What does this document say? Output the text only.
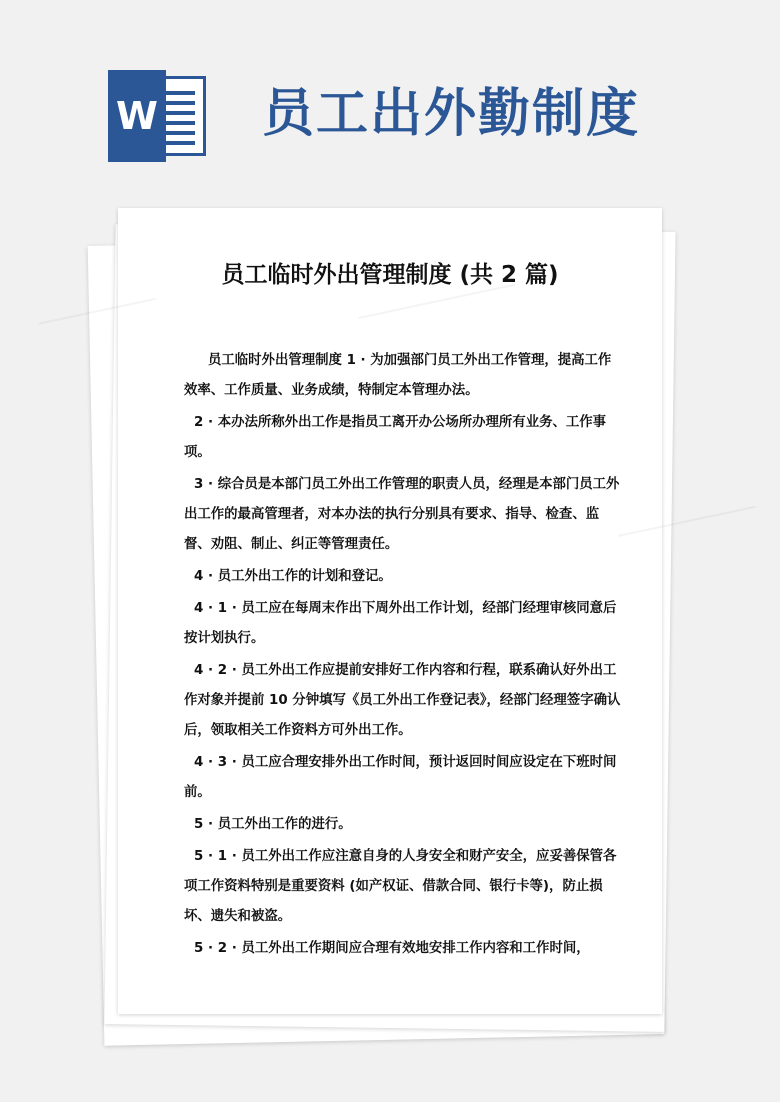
W 员工出外勤制度
员工临时外出管理制度 (共 2 篇)

员工临时外出管理制度 1 · 为加强部门员工外出工作管理，提高工作效率、工作质量、业务成绩，特制定本管理办法。

2 · 本办法所称外出工作是指员工离开办公场所办理所有业务、工作事项。

3 · 综合员是本部门员工外出工作管理的职责人员，经理是本部门员工外出工作的最高管理者，对本办法的执行分别具有要求、指导、检查、监督、劝阻、制止、纠正等管理责任。

4 · 员工外出工作的计划和登记。

4 · 1 · 员工应在每周末作出下周外出工作计划，经部门经理审核同意后按计划执行。

4 · 2 · 员工外出工作应提前安排好工作内容和行程，联系确认好外出工作对象并提前 10 分钟填写《员工外出工作登记表》，经部门经理签字确认后，领取相关工作资料方可外出工作。

4 · 3 · 员工应合理安排外出工作时间，预计返回时间应设定在下班时间前。

5 · 员工外出工作的进行。

5 · 1 · 员工外出工作应注意自身的人身安全和财产安全，应妥善保管各项工作资料特别是重要资料 (如产权证、借款合同、银行卡等)，防止损坏、遗失和被盗。

5 · 2 · 员工外出工作期间应合理有效地安排工作内容和工作时间，
